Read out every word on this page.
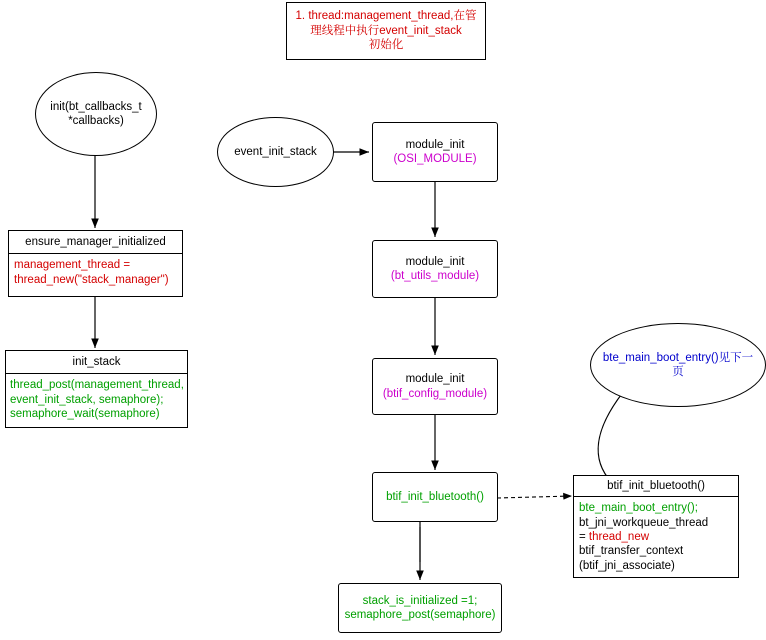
1. thread:management_thread,在管
理线程中执行event_init_stack
初始化
init(bt_callbacks_t
*callbacks)
ensure_manager_initialized
management_thread =
thread_new("stack_manager")
init_stack
thread_post(management_thread,
event_init_stack, semaphore);
semaphore_wait(semaphore)
event_init_stack
module_init
(OSI_MODULE)
module_init
(bt_utils_module)
module_init
(btif_config_module)
btif_init_bluetooth()
stack_is_initialized =1;
semaphore_post(semaphore)
btif_init_bluetooth()
bte_main_boot_entry();
bt_jni_workqueue_thread
= thread_new
btif_transfer_context
(btif_jni_associate)
bte_main_boot_entry()见下一
页
